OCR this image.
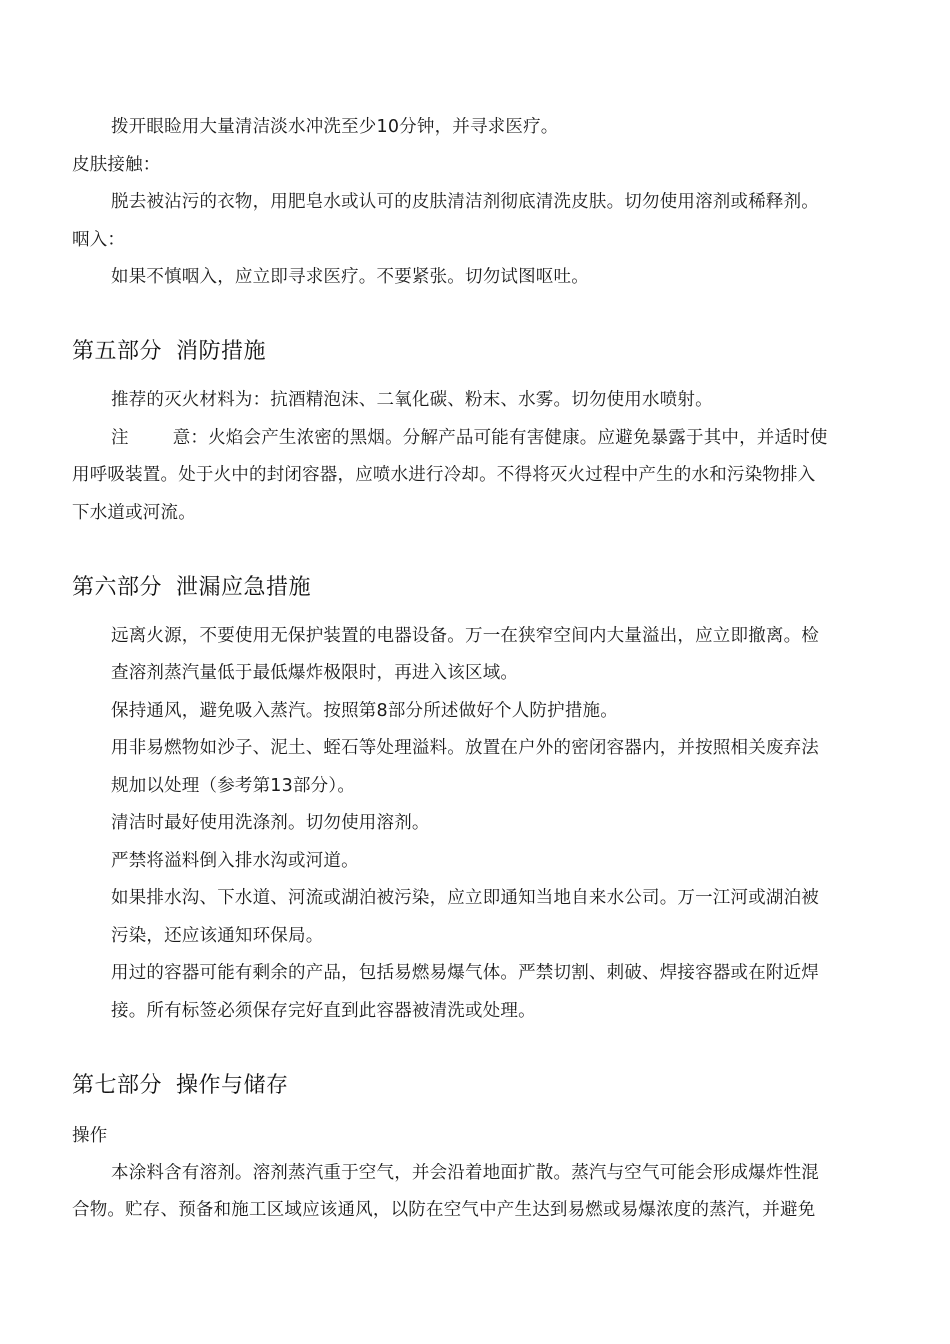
拨开眼睑用大量清洁淡水冲洗至少10分钟，并寻求医疗。
皮肤接触：
脱去被沾污的衣物，用肥皂水或认可的皮肤清洁剂彻底清洗皮肤。切勿使用溶剂或稀释剂。
咽入：
如果不慎咽入，应立即寻求医疗。不要紧张。切勿试图呕吐。
第五部分 消防措施
推荐的灭火材料为：抗酒精泡沫、二氧化碳、粉末、水雾。切勿使用水喷射。
注	意：火焰会产生浓密的黑烟。分解产品可能有害健康。应避免暴露于其中，并适时使
用呼吸装置。处于火中的封闭容器，应喷水进行冷却。不得将灭火过程中产生的水和污染物排入
下水道或河流。
第六部分 泄漏应急措施
远离火源，不要使用无保护装置的电器设备。万一在狭窄空间内大量溢出，应立即撤离。检
查溶剂蒸汽量低于最低爆炸极限时，再进入该区域。
保持通风，避免吸入蒸汽。按照第8部分所述做好个人防护措施。
用非易燃物如沙子、泥土、蛭石等处理溢料。放置在户外的密闭容器内，并按照相关废弃法
规加以处理（参考第13部分）。
清洁时最好使用洗涤剂。切勿使用溶剂。
严禁将溢料倒入排水沟或河道。
如果排水沟、下水道、河流或湖泊被污染，应立即通知当地自来水公司。万一江河或湖泊被
污染，还应该通知环保局。
用过的容器可能有剩余的产品，包括易燃易爆气体。严禁切割、刺破、焊接容器或在附近焊
接。所有标签必须保存完好直到此容器被清洗或处理。
第七部分 操作与储存
操作
本涂料含有溶剂。溶剂蒸汽重于空气，并会沿着地面扩散。蒸汽与空气可能会形成爆炸性混
合物。贮存、预备和施工区域应该通风，以防在空气中产生达到易燃或易爆浓度的蒸汽，并避免
